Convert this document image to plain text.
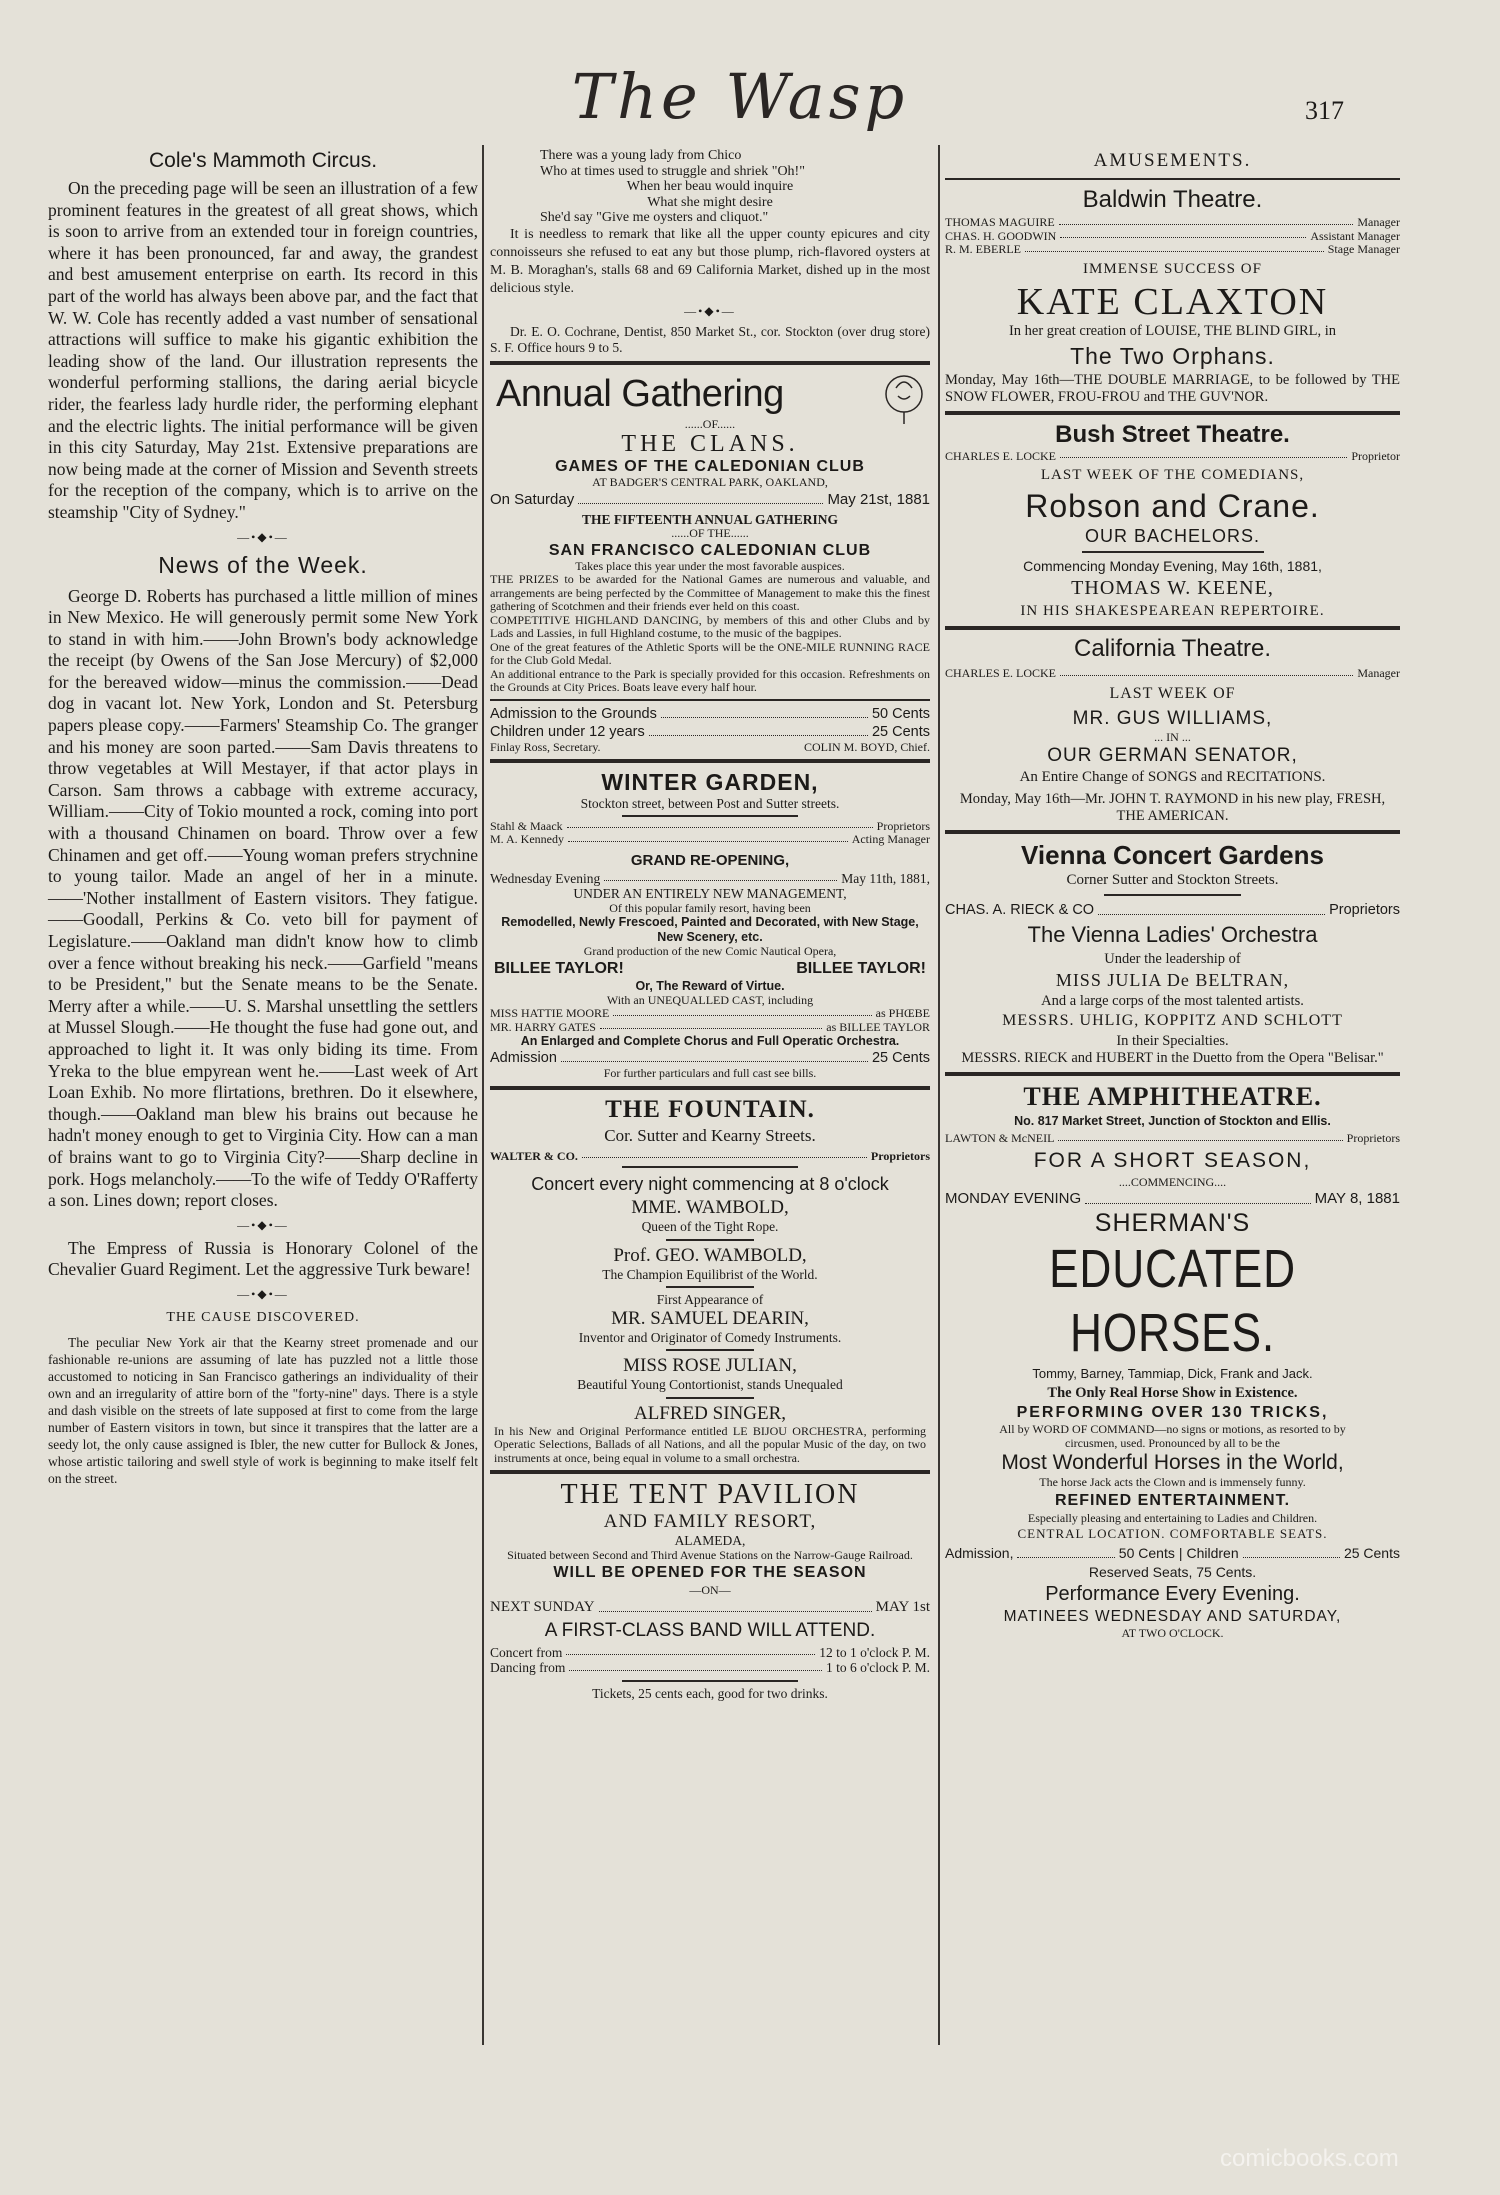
The Wasp	317
Cole's Mammoth Circus.

On the preceding page will be seen an illustration of a few prominent features in the greatest of all great shows, which is soon to arrive from an extended tour in foreign countries, where it has been pronounced, far and away, the grandest and best amusement enterprise on earth. Its record in this part of the world has always been above par, and the fact that W. W. Cole has recently added a vast number of sensational attractions will suffice to make his gigantic exhibition the leading show of the land. Our illustration represents the wonderful performing stallions, the daring aerial bicycle rider, the fearless lady hurdle rider, the performing elephant and the electric lights. The initial performance will be given in this city Saturday, May 21st. Extensive preparations are now being made at the corner of Mission and Seventh streets for the reception of the company, which is to arrive on the steamship "City of Sydney."

—•◆•—
News of the Week.

George D. Roberts has purchased a little million of mines in New Mexico. He will generously permit some New York to stand in with him.——John Brown's body acknowledge the receipt (by Owens of the San Jose Mercury) of $2,000 for the bereaved widow—minus the commission.——Dead dog in vacant lot. New York, London and St. Petersburg papers please copy.——Farmers' Steamship Co. The granger and his money are soon parted.——Sam Davis threatens to throw vegetables at Will Mestayer, if that actor plays in Carson. Sam throws a cabbage with extreme accuracy, William.——City of Tokio mounted a rock, coming into port with a thousand Chinamen on board. Throw over a few Chinamen and get off.——Young woman prefers strychnine to young tailor. Made an angel of her in a minute.——'Nother installment of Eastern visitors. They fatigue.——Goodall, Perkins & Co. veto bill for payment of Legislature.——Oakland man didn't know how to climb over a fence without breaking his neck.——Garfield "means to be President," but the Senate means to be the Senate. Merry after a while.——U. S. Marshal unsettling the settlers at Mussel Slough.——He thought the fuse had gone out, and approached to light it. It was only biding its time. From Yreka to the blue empyrean went he.——Last week of Art Loan Exhib. No more flirtations, brethren. Do it elsewhere, though.——Oakland man blew his brains out because he hadn't money enough to get to Virginia City. How can a man of brains want to go to Virginia City?——Sharp decline in pork. Hogs melancholy.——To the wife of Teddy O'Rafferty a son. Lines down; report closes.

—•◆•—

The Empress of Russia is Honorary Colonel of the Chevalier Guard Regiment. Let the aggressive Turk beware!

—•◆•—
THE CAUSE DISCOVERED.

The peculiar New York air that the Kearny street promenade and our fashionable re-unions are assuming of late has puzzled not a little those accustomed to noticing in San Francisco gatherings an individuality of their own and an irregularity of attire born of the "forty-nine" days. There is a style and dash visible on the streets of late supposed at first to come from the large number of Eastern visitors in town, but since it transpires that the latter are a seedy lot, the only cause assigned is Ibler, the new cutter for Bullock & Jones, whose artistic tailoring and swell style of work is beginning to make itself felt on the street.

There was a young lady from Chico

Who at times used to struggle and shriek "Oh!"

When her beau would inquire

What she might desire

She'd say "Give me oysters and cliquot."

It is needless to remark that like all the upper county epicures and city connoisseurs she refused to eat any but those plump, rich-flavored oysters at M. B. Moraghan's, stalls 68 and 69 California Market, dished up in the most delicious style.

—•◆•—

Dr. E. O. Cochrane, Dentist, 850 Market St., cor. Stockton (over drug store) S. F. Office hours 9 to 5.

Annual Gathering
......OF......
THE CLANS.
GAMES OF THE CALEDONIAN CLUB
AT BADGER'S CENTRAL PARK, OAKLAND,
On Saturday	May 21st, 1881
THE FIFTEENTH ANNUAL GATHERING
......OF THE......
SAN FRANCISCO CALEDONIAN CLUB

Takes place this year under the most favorable auspices.

THE PRIZES to be awarded for the National Games are numerous and valuable, and arrangements are being perfected by the Committee of Management to make this the finest gathering of Scotchmen and their friends ever held on this coast.

COMPETITIVE HIGHLAND DANCING, by members of this and other Clubs and by Lads and Lassies, in full Highland costume, to the music of the bagpipes.

One of the great features of the Athletic Sports will be the ONE-MILE RUNNING RACE for the Club Gold Medal.

An additional entrance to the Park is specially provided for this occasion. Refreshments on the Grounds at City Prices. Boats leave every half hour.

Admission to the Grounds	50 Cents
Children under 12 years	25 Cents
Finlay Ross, Secretary.	COLIN M. BOYD, Chief.
WINTER GARDEN,
Stockton street, between Post and Sutter streets.
Stahl & Maack	Proprietors
M. A. Kennedy	Acting Manager
GRAND RE-OPENING,
Wednesday Evening	May 11th, 1881,
UNDER AN ENTIRELY NEW MANAGEMENT,
Of this popular family resort, having been
Remodelled, Newly Frescoed, Painted and Decorated, with New Stage, New Scenery, etc.
Grand production of the new Comic Nautical Opera,
BILLEE TAYLOR!	BILLEE TAYLOR!
Or, The Reward of Virtue.
With an UNEQUALLED CAST, including
MISS HATTIE MOORE	as PHŒBE
MR. HARRY GATES	as BILLEE TAYLOR
An Enlarged and Complete Chorus and Full Operatic Orchestra.
Admission	25 Cents
For further particulars and full cast see bills.
THE FOUNTAIN.
Cor. Sutter and Kearny Streets.
WALTER & CO.	Proprietors
Concert every night commencing at 8 o'clock
MME. WAMBOLD,
Queen of the Tight Rope.
Prof. GEO. WAMBOLD,
The Champion Equilibrist of the World.
First Appearance of
MR. SAMUEL DEARIN,
Inventor and Originator of Comedy Instruments.
MISS ROSE JULIAN,
Beautiful Young Contortionist, stands Unequaled
ALFRED SINGER,

In his New and Original Performance entitled LE BIJOU ORCHESTRA, performing Operatic Selections, Ballads of all Nations, and all the popular Music of the day, on two instruments at once, being equal in volume to a small orchestra.

THE TENT PAVILION
AND FAMILY RESORT,
ALAMEDA,
Situated between Second and Third Avenue Stations on the Narrow-Gauge Railroad.
WILL BE OPENED FOR THE SEASON
—ON—
NEXT SUNDAY	MAY 1st
A FIRST-CLASS BAND WILL ATTEND.
Concert from	12 to 1 o'clock P. M.
Dancing from	1 to 6 o'clock P. M.
Tickets, 25 cents each, good for two drinks.
AMUSEMENTS.
Baldwin Theatre.
THOMAS MAGUIRE	Manager
CHAS. H. GOODWIN	Assistant Manager
R. M. EBERLE	Stage Manager
IMMENSE SUCCESS OF
KATE CLAXTON
In her great creation of LOUISE, THE BLIND GIRL, in
The Two Orphans.

Monday, May 16th—THE DOUBLE MARRIAGE, to be followed by THE SNOW FLOWER, FROU-FROU and THE GUV'NOR.

Bush Street Theatre.
CHARLES E. LOCKE	Proprietor
LAST WEEK OF THE COMEDIANS,
Robson and Crane.
OUR BACHELORS.
Commencing Monday Evening, May 16th, 1881,
THOMAS W. KEENE,
IN HIS SHAKESPEAREAN REPERTOIRE.
California Theatre.
CHARLES E. LOCKE	Manager
LAST WEEK OF
MR. GUS WILLIAMS,
... IN ...
OUR GERMAN SENATOR,
An Entire Change of SONGS and RECITATIONS.

Monday, May 16th—Mr. JOHN T. RAYMOND in his new play, FRESH, THE AMERICAN.

Vienna Concert Gardens
Corner Sutter and Stockton Streets.
CHAS. A. RIECK & CO	Proprietors
The Vienna Ladies' Orchestra
Under the leadership of
MISS JULIA De BELTRAN,
And a large corps of the most talented artists.
MESSRS. UHLIG, KOPPITZ AND SCHLOTT
In their Specialties.

MESSRS. RIECK and HUBERT in the Duetto from the Opera "Belisar."

THE AMPHITHEATRE.
No. 817 Market Street, Junction of Stockton and Ellis.
LAWTON & McNEIL	Proprietors
FOR A SHORT SEASON,
....COMMENCING....
MONDAY EVENING	MAY 8, 1881
SHERMAN'S
EDUCATED HORSES.
Tommy, Barney, Tammiap, Dick, Frank and Jack.
The Only Real Horse Show in Existence.
PERFORMING OVER 130 TRICKS,

All by WORD OF COMMAND—no signs or motions, as resorted to by circusmen, used. Pronounced by all to be the

Most Wonderful Horses in the World,
The horse Jack acts the Clown and is immensely funny.
REFINED ENTERTAINMENT.
Especially pleasing and entertaining to Ladies and Children.
CENTRAL LOCATION. COMFORTABLE SEATS.
Admission,	50 Cents | Children	25 Cents
Reserved Seats, 75 Cents.
Performance Every Evening.
MATINEES WEDNESDAY AND SATURDAY,
AT TWO O'CLOCK.
comicbooks.com
